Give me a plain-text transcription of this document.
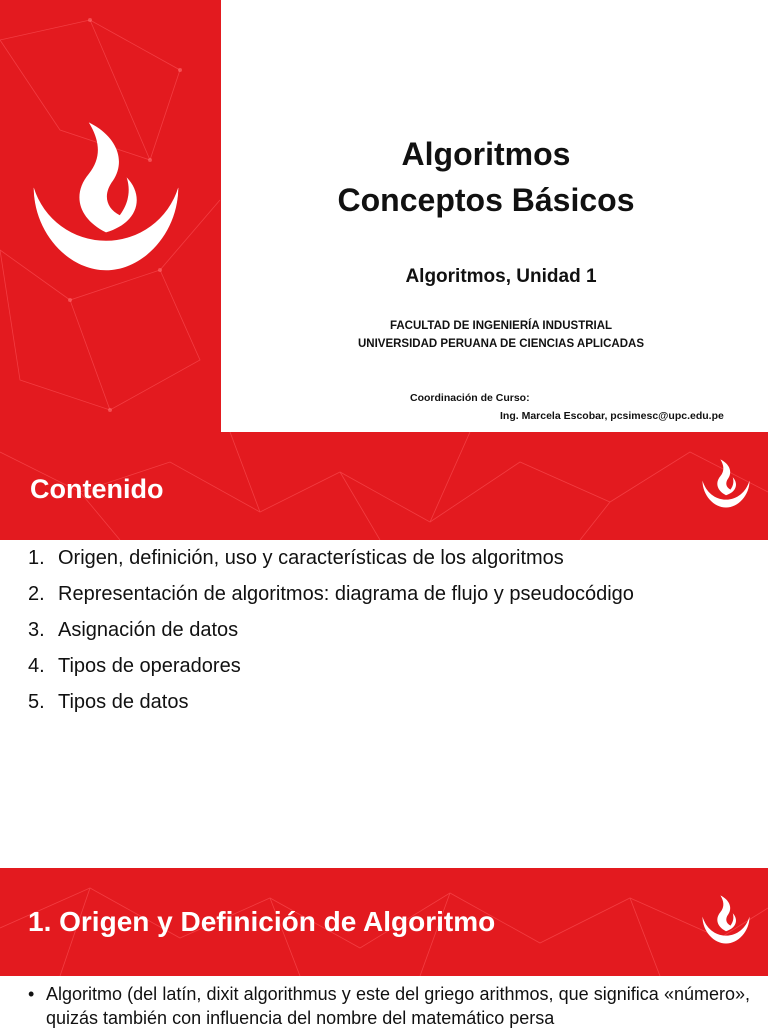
Algoritmos
Conceptos Básicos
Algoritmos, Unidad 1
FACULTAD DE INGENIERÍA INDUSTRIAL
UNIVERSIDAD PERUANA DE CIENCIAS APLICADAS
Coordinación de Curso:
Ing. Marcela Escobar, pcsimesc@upc.edu.pe
Contenido
1. Origen, definición, uso y características de los algoritmos
2. Representación de algoritmos: diagrama de flujo y pseudocódigo
3. Asignación de datos
4. Tipos de operadores
5. Tipos de datos
1. Origen y Definición de Algoritmo
• Algoritmo (del latín, dixit algorithmus y este del griego arithmos, que significa «número», quizás también con influencia del nombre del matemático persa
